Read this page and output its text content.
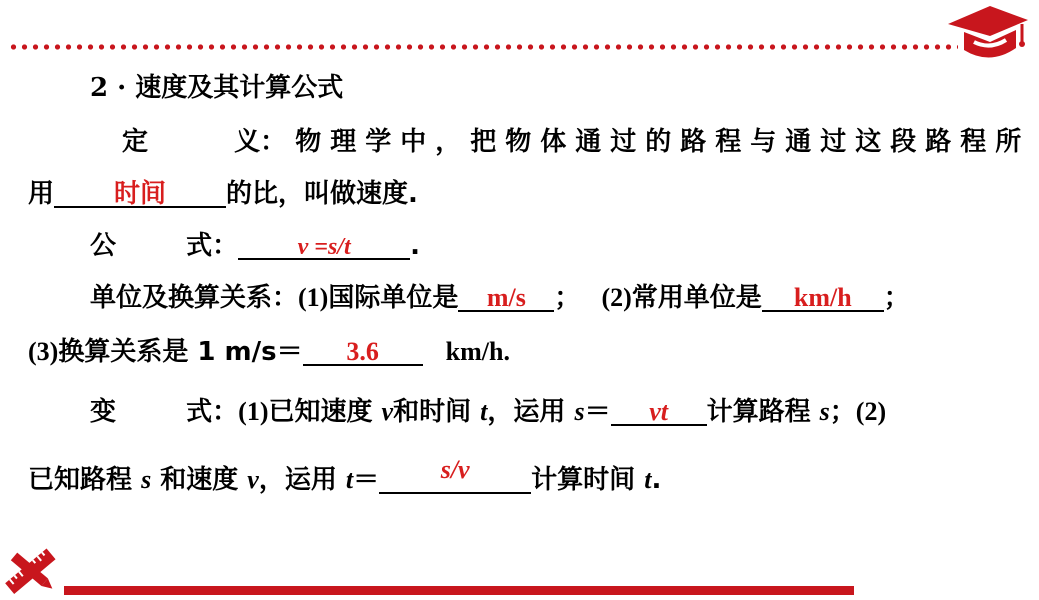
2 · 速度及其计算公式
定	义： 物理学中，把物体通过的路程与通过这段路程所
用 时间 的比，叫做速度.
公	式： v =s/t .
单位及换算关系：(1)国际单位是 m/s ； (2)常用单位是 km/h ；
(3)换算关系是 1 m/s＝ 3.6	km/h.
变	式：(1)已知速度 v和时间 t，运用 s＝ vt 计算路程 s；(2)
已知路程 s 和速度 v，运用 t＝ s/v 计算时间 t.
